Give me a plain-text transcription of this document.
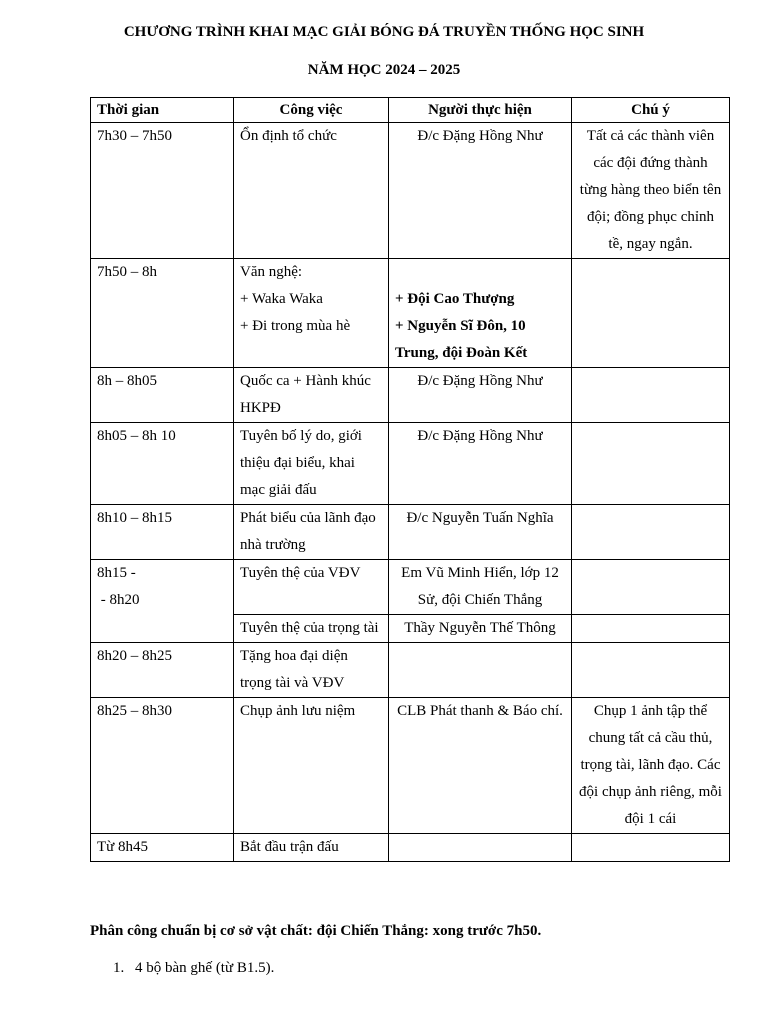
CHƯƠNG TRÌNH KHAI MẠC GIẢI BÓNG ĐÁ TRUYỀN THỐNG HỌC SINH
NĂM HỌC 2024 – 2025
Thời gian	Công việc	Người thực hiện	Chú ý
7h30 – 7h50	Ổn định tổ chức	Đ/c Đặng Hồng Như	Tất cả các thành viên
các đội đứng thành
từng hàng theo biển tên
đội; đồng phục chỉnh
tề, ngay ngắn.

7h50 – 8h	Văn nghệ:
+ Waka Waka
+ Đi trong mùa hè	+ Đội Cao Thượng
+ Nguyễn Sĩ Đôn, 10
Trung, đội Đoàn Kết	

8h – 8h05	Quốc ca + Hành khúc
HKPĐ	Đ/c Đặng Hồng Như	
8h05 – 8h 10	Tuyên bố lý do, giới
thiệu đại biểu, khai
mạc giải đấu	Đ/c Đặng Hồng Như	
8h10 – 8h15	Phát biểu của lãnh đạo
nhà trường	Đ/c Nguyễn Tuấn Nghĩa	

8h15 -
- 8h20	Tuyên thệ của VĐV	Em Vũ Minh Hiển, lớp 12
Sử, đội Chiến Thắng	

	Tuyên thệ của trọng tài	Thầy Nguyễn Thế Thông	
8h20 – 8h25	Tặng hoa đại diện
trọng tài và VĐV		

8h25 – 8h30	Chụp ảnh lưu niệm	CLB Phát thanh & Báo chí.	Chụp 1 ảnh tập thể
chung tất cả cầu thủ,
trọng tài, lãnh đạo. Các
đội chụp ảnh riêng, mỗi
đội 1 cái

Từ 8h45	Bắt đầu trận đấu		
Phân công chuẩn bị cơ sở vật chất: đội Chiến Thắng: xong trước 7h50.
1. 4 bộ bàn ghế (từ B1.5).
